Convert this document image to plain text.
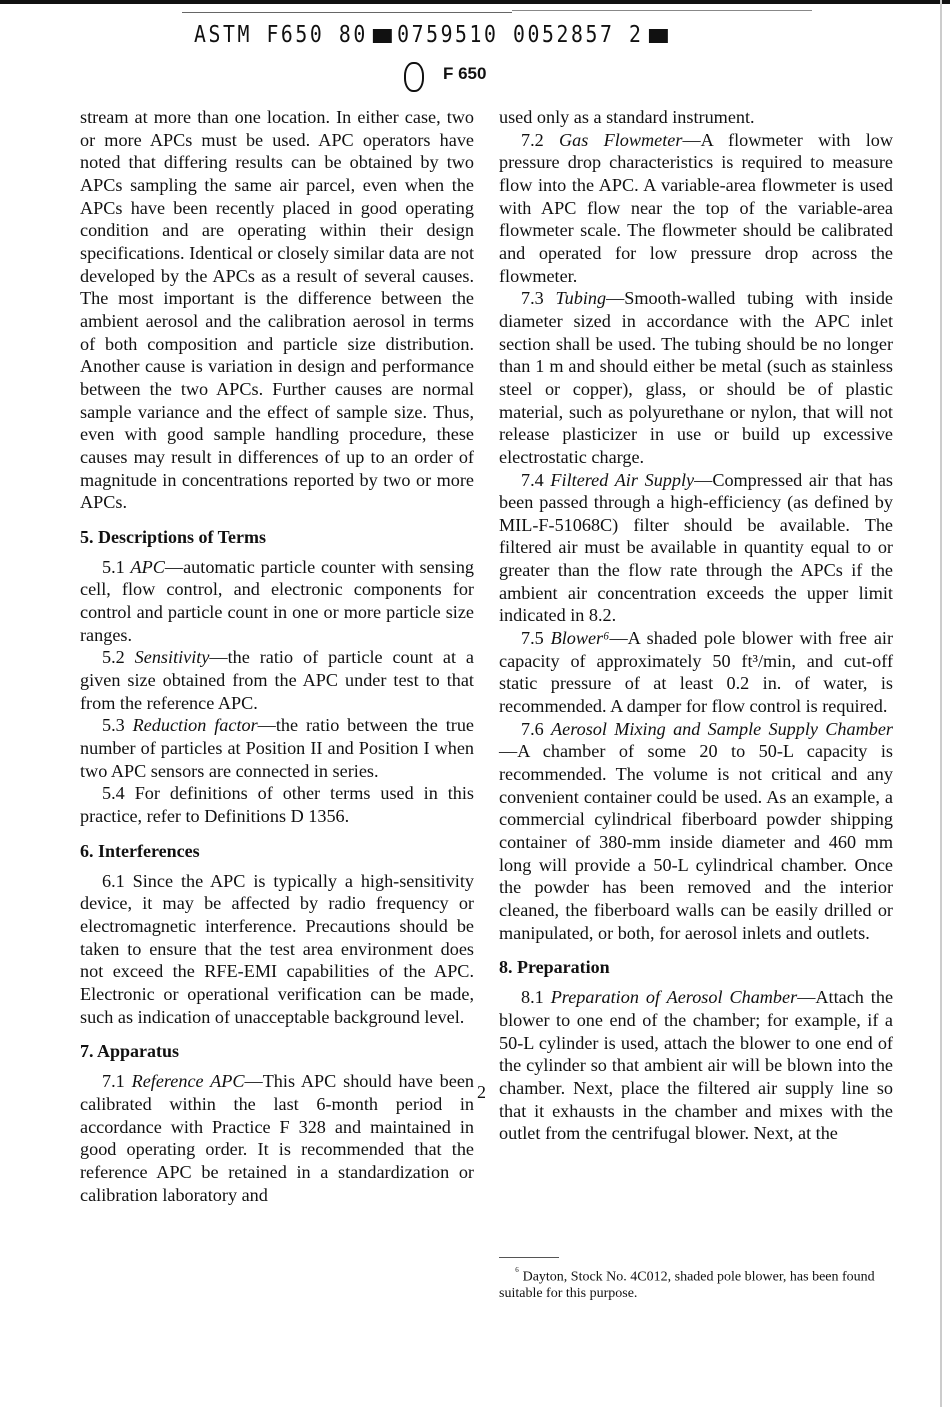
ASTM F650 80 0759510 0052857 2
F 650

stream at more than one location. In either case, two or more APCs must be used. APC operators have noted that differing results can be obtained by two APCs sampling the same air parcel, even when the APCs have been recently placed in good operating condition and are operating within their design specifications. Identical or closely similar data are not developed by the APCs as a result of several causes. The most important is the difference between the ambient aerosol and the calibration aerosol in terms of both composition and particle size distribution. Another cause is variation in design and performance between the two APCs. Further causes are normal sample variance and the effect of sample size. Thus, even with good sample handling procedure, these causes may result in differences of up to an order of magnitude in concentrations reported by two or more APCs.

5. Descriptions of Terms

5.1 APC—automatic particle counter with sensing cell, flow control, and electronic components for control and particle count in one or more particle size ranges.

5.2 Sensitivity—the ratio of particle count at a given size obtained from the APC under test to that from the reference APC.

5.3 Reduction factor—the ratio between the true number of particles at Position II and Position I when two APC sensors are connected in series.

5.4 For definitions of other terms used in this practice, refer to Definitions D 1356.

6. Interferences

6.1 Since the APC is typically a high-sensitivity device, it may be affected by radio frequency or electromagnetic interference. Precautions should be taken to ensure that the test area environment does not exceed the RFE-EMI capabilities of the APC. Electronic or operational verification can be made, such as indication of unacceptable background level.

7. Apparatus

7.1 Reference APC—This APC should have been calibrated within the last 6-month period in accordance with Practice F 328 and maintained in good operating order. It is recommended that the reference APC be retained in a standardization or calibration laboratory and

used only as a standard instrument.

7.2 Gas Flowmeter—A flowmeter with low pressure drop characteristics is required to measure flow into the APC. A variable-area flowmeter is used with APC flow near the top of the variable-area flowmeter scale. The flowmeter should be calibrated and operated for low pressure drop across the flowmeter.

7.3 Tubing—Smooth-walled tubing with inside diameter sized in accordance with the APC inlet section shall be used. The tubing should be no longer than 1 m and should either be metal (such as stainless steel or copper), glass, or should be of plastic material, such as polyurethane or nylon, that will not release plasticizer in use or build up excessive electrostatic charge.

7.4 Filtered Air Supply—Compressed air that has been passed through a high-efficiency (as defined by MIL-F-51068C) filter should be available. The filtered air must be available in quantity equal to or greater than the flow rate through the APCs if the ambient air concentration exceeds the upper limit indicated in 8.2.

7.5 Blower⁶—A shaded pole blower with free air capacity of approximately 50 ft³/min, and cut-off static pressure of at least 0.2 in. of water, is recommended. A damper for flow control is required.

7.6 Aerosol Mixing and Sample Supply Chamber—A chamber of some 20 to 50-L capacity is recommended. The volume is not critical and any convenient container could be used. As an example, a commercial cylindrical fiberboard powder shipping container of 380-mm inside diameter and 460 mm long will provide a 50-L cylindrical chamber. Once the powder has been removed and the interior cleaned, the fiberboard walls can be easily drilled or manipulated, or both, for aerosol inlets and outlets.

8. Preparation

8.1 Preparation of Aerosol Chamber—Attach the blower to one end of the chamber; for example, if a 50-L cylinder is used, attach the blower to one end of the cylinder so that ambient air will be blown into the chamber. Next, place the filtered air supply line so that it exhausts in the chamber and mixes with the outlet from the centrifugal blower. Next, at the

2
$^{^6}$ Dayton, Stock No. 4C012, shaded pole blower, has been found suitable for this purpose.
